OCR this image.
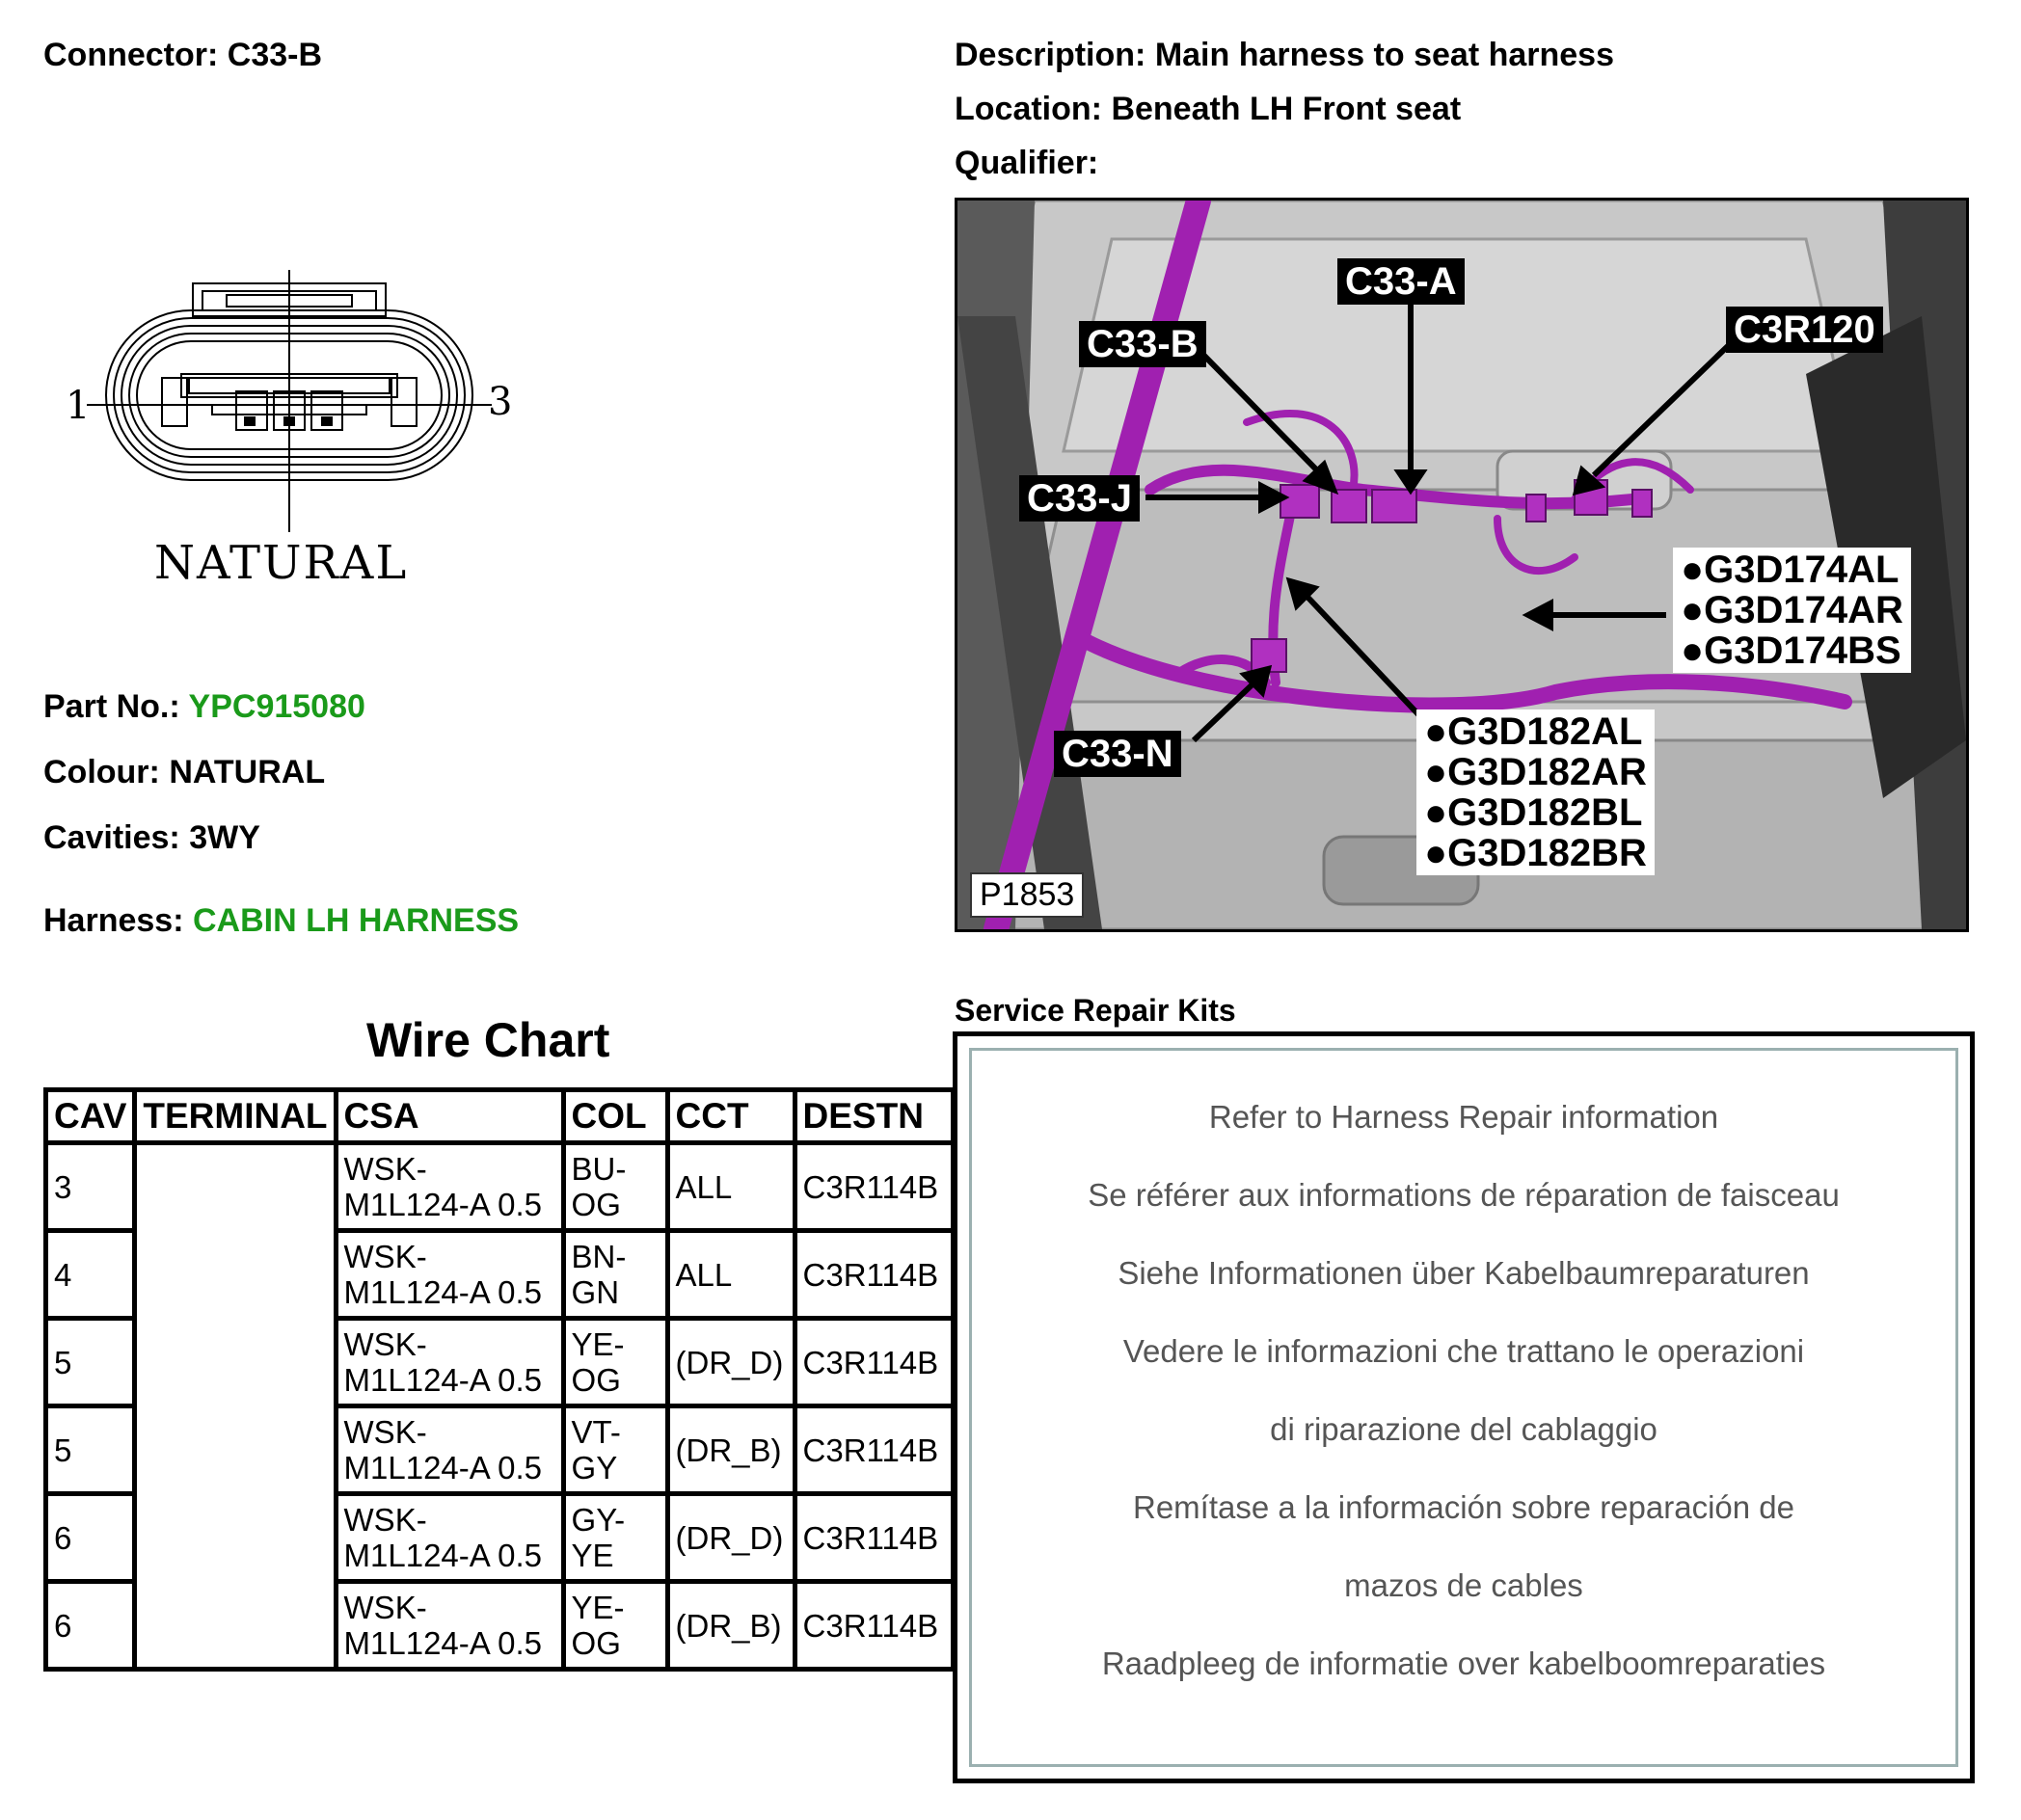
Connector: C33-B	Description: Main harness to seat harness
Location: Beneath LH Front seat
Qualifier:
1	3
NATURAL
Part No.: YPC915080
Colour: NATURAL
Cavities: 3WY
Harness: CABIN LH HARNESS
Wire Chart
CAV	TERMINAL	CSA	COL	CCT	DESTN
3		WSK-
M1L124-A 0.5	BU-
OG	ALL	C3R114B
4		WSK-
M1L124-A 0.5	BN-
GN	ALL	C3R114B
5		WSK-
M1L124-A 0.5	YE-
OG	(DR_D)	C3R114B
5		WSK-
M1L124-A 0.5	VT-
GY	(DR_B)	C3R114B
6		WSK-
M1L124-A 0.5	GY-
YE	(DR_D)	C3R114B
6		WSK-
M1L124-A 0.5	YE-
OG	(DR_B)	C3R114B
C33-A
C33-B	C3R120
C33-J
C33-N
●G3D174AL
●G3D174AR
●G3D174BS
●G3D182AL
●G3D182AR
●G3D182BL
●G3D182BR
P1853
Service Repair Kits
Refer to Harness Repair information
Se référer aux informations de réparation de faisceau
Siehe Informationen über Kabelbaumreparaturen
Vedere le informazioni che trattano le operazioni
di riparazione del cablaggio
Remítase a la información sobre reparación de
mazos de cables
Raadpleeg de informatie over kabelboomreparaties
